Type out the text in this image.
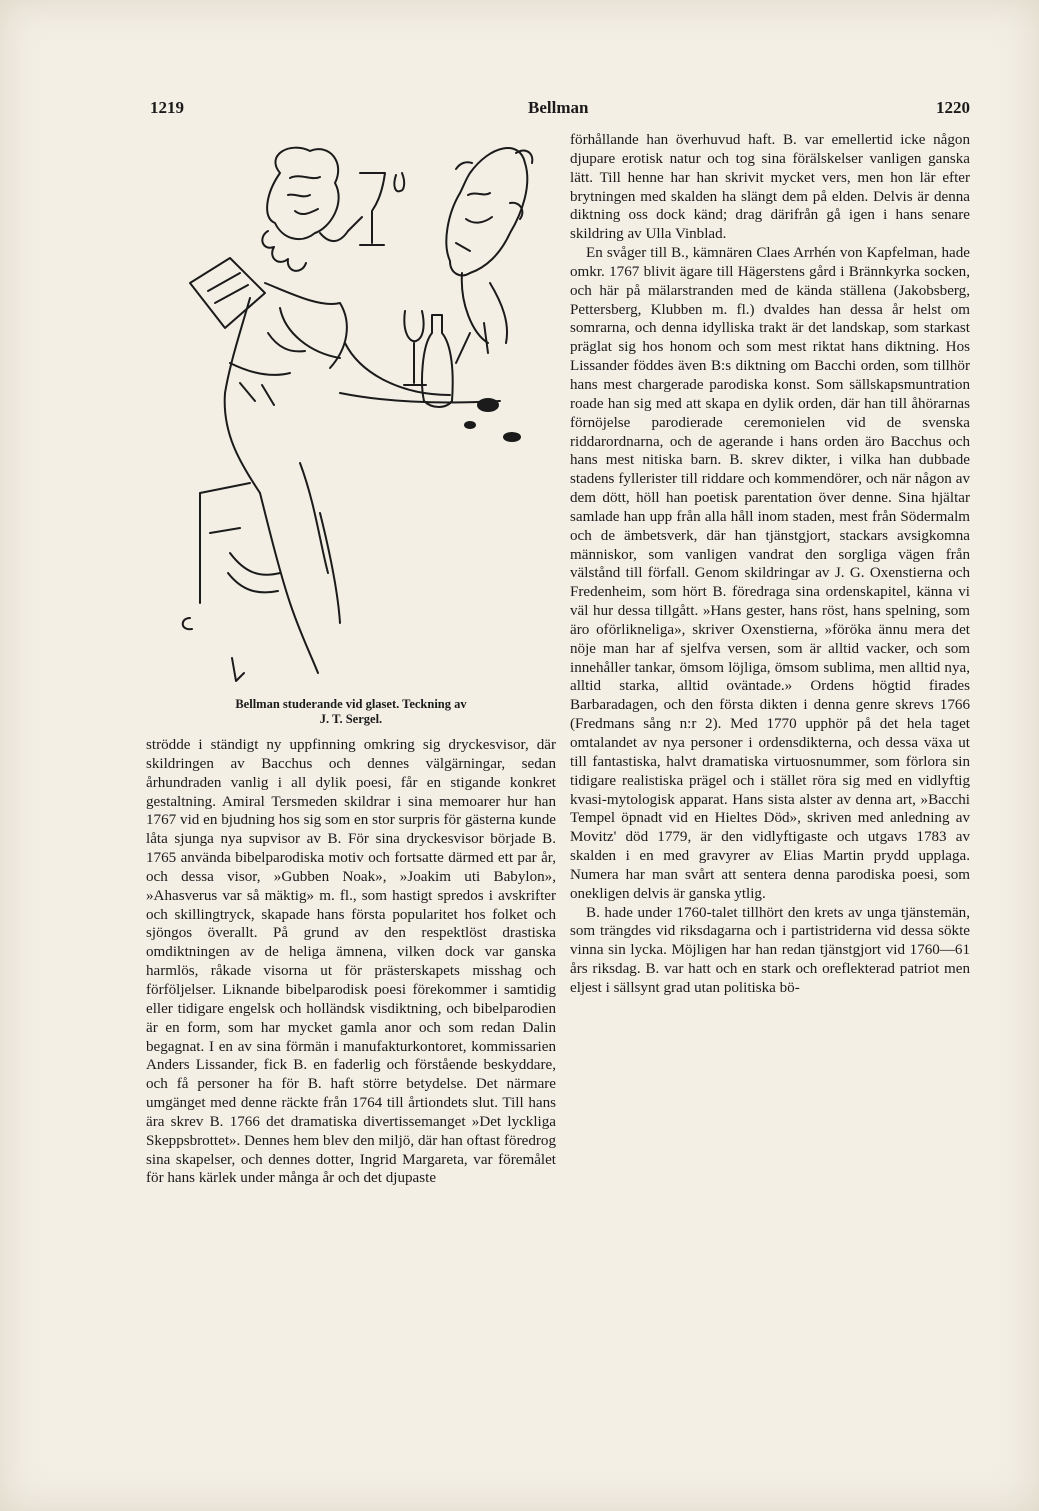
1219	Bellman	1220
Bellman studerande vid glaset. Teckning av
J. T. Sergel.

strödde i ständigt ny uppfinning omkring sig dryckesvisor, där skildringen av Bacchus och dennes välgärningar, sedan århundraden vanlig i all dylik poesi, får en stigande konkret gestaltning. Amiral Tersmeden skildrar i sina memoarer hur han 1767 vid en bjudning hos sig som en stor surpris för gästerna kunde låta sjunga nya supvisor av B. För sina dryckesvisor började B. 1765 använda bibelparodiska motiv och fortsatte därmed ett par år, och dessa visor, »Gubben Noak», »Joakim uti Babylon», »Ahasverus var så mäktig» m. fl., som hastigt spredos i avskrifter och skillingtryck, skapade hans första popularitet hos folket och sjöngos överallt. På grund av den respektlöst drastiska omdiktningen av de heliga ämnena, vilken dock var ganska harmlös, råkade visorna ut för prästerskapets misshag och förföljelser. Liknande bibelparodisk poesi förekommer i samtidig eller tidigare engelsk och holländsk visdiktning, och bibelparodien är en form, som har mycket gamla anor och som redan Dalin begagnat. I en av sina förmän i manufakturkontoret, kommissarien Anders Lissander, fick B. en faderlig och förstående beskyddare, och få personer ha för B. haft större betydelse. Det närmare umgänget med denne räckte från 1764 till årtiondets slut. Till hans ära skrev B. 1766 det dramatiska divertissemanget »Det lyckliga Skeppsbrottet». Dennes hem blev den miljö, där han oftast föredrog sina skapelser, och dennes dotter, Ingrid Margareta, var föremålet för hans kärlek under många år och det djupaste

förhållande han överhuvud haft. B. var emellertid icke någon djupare erotisk natur och tog sina förälskelser vanligen ganska lätt. Till henne har han skrivit mycket vers, men hon lär efter brytningen med skalden ha slängt dem på elden. Delvis är denna diktning oss dock känd; drag därifrån gå igen i hans senare skildring av Ulla Vinblad.

En svåger till B., kämnären Claes Arrhén von Kapfelman, hade omkr. 1767 blivit ägare till Hägerstens gård i Brännkyrka socken, och här på mälarstranden med de kända ställena (Jakobsberg, Pettersberg, Klubben m. fl.) dvaldes han dessa år helst om somrarna, och denna idylliska trakt är det landskap, som starkast präglat sig hos honom och som mest riktat hans diktning. Hos Lissander föddes även B:s diktning om Bacchi orden, som tillhör hans mest chargerade parodiska konst. Som sällskapsmuntration roade han sig med att skapa en dylik orden, där han till åhörarnas förnöjelse parodierade ceremonielen vid de svenska riddarordnarna, och de agerande i hans orden äro Bacchus och hans mest nitiska barn. B. skrev dikter, i vilka han dubbade stadens fyllerister till riddare och kommendörer, och när någon av dem dött, höll han poetisk parentation över denne. Sina hjältar samlade han upp från alla håll inom staden, mest från Södermalm och de ämbetsverk, där han tjänstgjort, stackars avsigkomna människor, som vanligen vandrat den sorgliga vägen från välstånd till förfall. Genom skildringar av J. G. Oxenstierna och Fredenheim, som hört B. föredraga sina ordenskapitel, känna vi väl hur dessa tillgått. »Hans gester, hans röst, hans spelning, som äro oförlikneliga», skriver Oxenstierna, »föröka ännu mera det nöje man har af sjelfva versen, som är alltid vacker, och som innehåller tankar, ömsom löjliga, ömsom sublima, men alltid nya, alltid starka, alltid oväntade.» Ordens högtid firades Barbaradagen, och den första dikten i denna genre skrevs 1766 (Fredmans sång n:r 2). Med 1770 upphör på det hela taget omtalandet av nya personer i ordensdikterna, och dessa växa ut till fantastiska, halvt dramatiska virtuosnummer, som förlora sin tidigare realistiska prägel och i stället röra sig med en vidlyftig kvasi-mytologisk apparat. Hans sista alster av denna art, »Bacchi Tempel öpnadt vid en Hieltes Död», skriven med anledning av Movitz' död 1779, är den vidlyftigaste och utgavs 1783 av skalden i en med gravyrer av Elias Martin prydd upplaga. Numera har man svårt att sentera denna parodiska poesi, som onekligen delvis är ganska ytlig.

B. hade under 1760-talet tillhört den krets av unga tjänstemän, som trängdes vid riksdagarna och i partistriderna vid dessa sökte vinna sin lycka. Möjligen har han redan tjänstgjort vid 1760—61 års riksdag. B. var hatt och en stark och oreflekterad patriot men eljest i sällsynt grad utan politiska bö-
